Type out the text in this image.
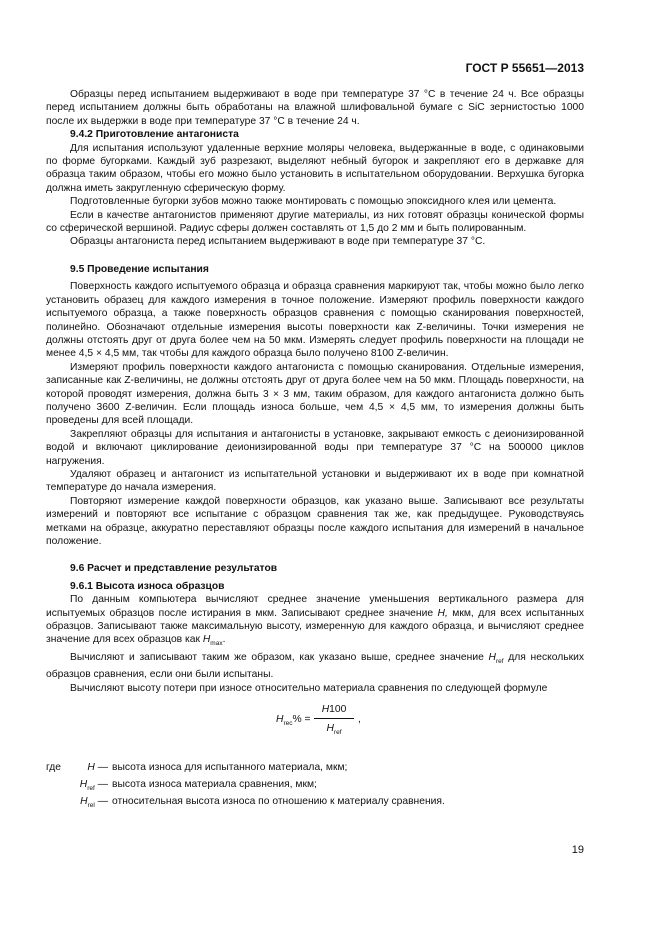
ГОСТ Р 55651—2013

Образцы перед испытанием выдерживают в воде при температуре 37 °С в течение 24 ч. Все образцы перед испытанием должны быть обработаны на влажной шлифовальной бумаге с SiC зернистостью 1000 после их выдержки в воде при температуре 37 °С в течение 24 ч.

9.4.2 Приготовление антагониста

Для испытания используют удаленные верхние моляры человека, выдержанные в воде, с одинаковыми по форме бугорками. Каждый зуб разрезают, выделяют небный бугорок и закрепляют его в державке для образца таким образом, чтобы его можно было установить в испытательном оборудовании. Верхушка бугорка должна иметь закругленную сферическую форму.

Подготовленные бугорки зубов можно также монтировать с помощью эпоксидного клея или цемента.

Если в качестве антагонистов применяют другие материалы, из них готовят образцы конической формы со сферической вершиной. Радиус сферы должен составлять от 1,5 до 2 мм и быть полированным.

Образцы антагониста перед испытанием выдерживают в воде при температуре 37 °С.

9.5 Проведение испытания

Поверхность каждого испытуемого образца и образца сравнения маркируют так, чтобы можно было легко установить образец для каждого измерения в точное положение. Измеряют профиль поверхности каждого испытуемого образца, а также поверхность образцов сравнения с помощью сканирования поверхностей, полинейно. Обозначают отдельные измерения высоты поверхности как Z-величины. Точки измерения не должны отстоять друг от друга более чем на 50 мкм. Измерять следует профиль поверхности на площади не менее 4,5 × 4,5 мм, так чтобы для каждого образца было получено 8100 Z-величин.

Измеряют профиль поверхности каждого антагониста с помощью сканирования. Отдельные измерения, записанные как Z-величины, не должны отстоять друг от друга более чем на 50 мкм. Площадь поверхности, на которой проводят измерения, должна быть 3 × 3 мм, таким образом, для каждого антагониста должно быть получено 3600 Z-величин. Если площадь износа больше, чем 4,5 × 4,5 мм, то измерения должны быть проведены для всей площади.

Закрепляют образцы для испытания и антагонисты в установке, закрывают емкость с деионизированной водой и включают циклирование деионизированной воды при температуре 37 °С на 500000 циклов нагружения.

Удаляют образец и антагонист из испытательной установки и выдерживают их в воде при комнатной температуре до начала измерения.

Повторяют измерение каждой поверхности образцов, как указано выше. Записывают все результаты измерений и повторяют все испытание с образцом сравнения так же, как предыдущее. Руководствуясь метками на образце, аккуратно переставляют образцы после каждого испытания для измерений в начальное положение.

9.6 Расчет и представление результатов
9.6.1 Высота износа образцов

По данным компьютера вычисляют среднее значение уменьшения вертикального размера для испытуемых образцов после истирания в мкм. Записывают среднее значение H, мкм, для всех испытанных образцов. Записывают также максимальную высоту, измеренную для каждого образца, и вычисляют среднее значение для всех образцов как $H_{max}$.

Вычисляют и записывают таким же образом, как указано выше, среднее значение $H_{ref}$ для нескольких образцов сравнения, если они были испытаны.

Вычисляют высоту потери при износе относительно материала сравнения по следующей формуле

$H_{rec}\%$ =
H100
$H_{ref}$
,
где	H — высота износа для испытанного материала, мкм;
$H_{ref}$ — высота износа материала сравнения, мкм;
$H_{rel}$ — относительная высота износа по отношению к материалу сравнения.
19
